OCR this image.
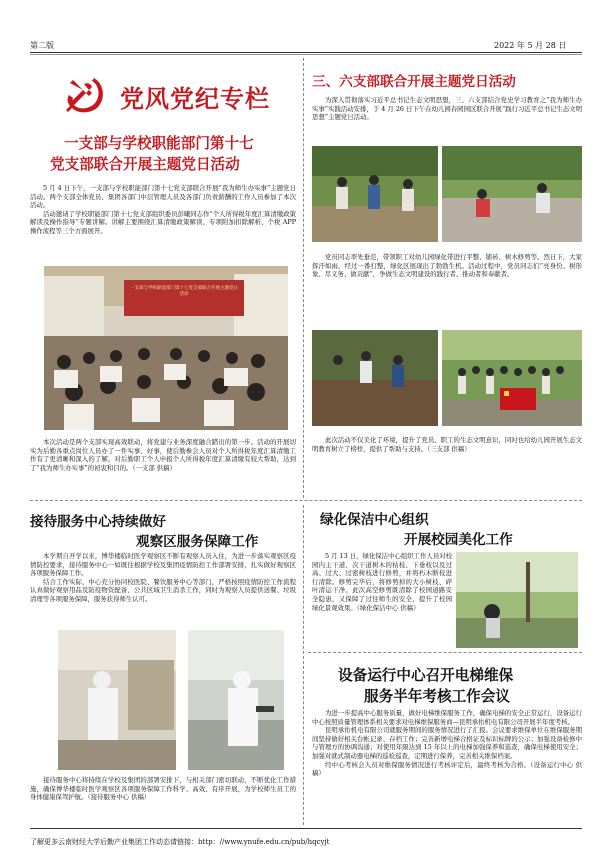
第二版	2022 年 5 月 28 日
党风党纪专栏
一支部与学校职能部门第十七
党支部联合开展主题党日活动

5 月 4 日下午，一支部与学校职能部门第十七党支部联合开展“我为师生办实事”主题党日活动。两个支部全体党员、集团各部门中层管理人员及各部门负责薪酬的工作人员参加了本次活动。

活动邀请了学校职能部门第十七党支部组织委员彭曦同志作“个人所得税年度汇算清缴政策解读及操作指导”专题讲解。讲解主要围绕汇算清缴政策解读、专项附加扣除解析、个税 APP 操作流程等三个方面展开。

一支部与学校职能部门第十七党支部联合开展主题党日活动

本次活动是两个支部实现高效联动，将党建与业务深度融合踏出的第一步。活动的开展切实为后勤各重点岗位人员办了一件实事、好事，使后勤参会人员对个人所得税年度汇算清缴工作有了更清晰和深入的了解，对后勤职工个人申报个人所得税年度汇算清缴有较大帮助，达到了“我为师生办实事”的初衷和目的。（一支部 供稿）

三、六支部联合开展主题党日活动

为深入贯彻落实习近平总书记生态文明思想，三、六支部结合党史学习教育之“我为师生办实事”实践活动安排，于 4 月 26 日下午在幼儿园春园园区联合开展“践行习近平总书记生态文明思想”主题党日活动。

党员同志率先垂范，带领职工对幼儿园绿化带进行平整、铺砖、树木修剪等。烈日下，大家挥汗如雨，经过一番打整，绿化区展现出了勃勃生机。活动过程中，党员同志们“亮身份、树形象、尽义务、做贡献”，争做生态文明建设的践行者、推动者和奉献者。

此次活动不仅美化了环境，提升了党员、职工的生态文明意识，同时也给幼儿园开展生态文明教育树立了榜样，提供了帮助与支持。（三支部 供稿）

接待服务中心持续做好
观察区服务保障工作

本学期自开学以来，博华楼临时医学观察区不断有观察人员入住，为进一步落实观察区疫情防控要求，接待服务中心一如既往根据学校及集团疫情防控工作部署安排，扎实做好观察区各项服务保障工作。

结合工作实际，中心充分协同校医院、餐饮服务中心等部门，严格按照疫情防控工作流程认真做好观察用品及防疫物资配备、公共区域卫生消杀工作，同时为观察人员提供送餐、垃圾清理等各项服务保障，服务获得师生认可。

接待服务中心将持续在学校及集团的部署安排下，与相关部门密切联动，不断优化工作措施，确保博华楼临时医学观察区各项服务保障工作科学、高效、有序开展，为学校师生员工的身体健康保驾护航。（接待服务中心 供稿）

绿化保洁中心组织
开展校园美化工作

5 月 13 日，绿化保洁中心组织工作人员对校园内主干道、次干道树木的枯枝、下垂枝以及过高、过大、过密树枝进行修剪，并将朽木断枝进行清除。修剪完毕后，将修剪掉的大小树枝、碎叶清运干净。此次高空修剪既清除了校园道路安全隐患，又保障了过往师生的安全，提升了校园绿化景观效果。（绿化保洁中心 供稿）

设备运行中心召开电梯维保
服务半年考核工作会议

为进一步提高中心服务质量，做好电梯维保服务工作，确保电梯的安全正常运行，设备运行中心按照质量管理体系相关要求对电梯维保服务商—昆明承佑机电有限公司开展半年度考核。

昆明承佑机电有限公司就服务期间的服务情况进行了汇报。会议要求维保单位在维保服务期间坚持做好相关台帐记录、存档工作；完善新增电梯合格证及标识标牌的公示；加强设备检修中与管理方的协调沟通；对使用年限达到 15 年以上的电梯加强保养和巡查，确保电梯使用安全；加强对就式制动器电梯的巡检巡查，定期进行保养，完善相关维保档案。

经中心考核会人员对维保服务情况进行考核评定后，最终考核为合格。（设备运行中心 供稿）

了解更多云南财经大学后勤产业集团工作动态请链接：http：//www.ynufe.edu.cn/pub/hqcyjt
